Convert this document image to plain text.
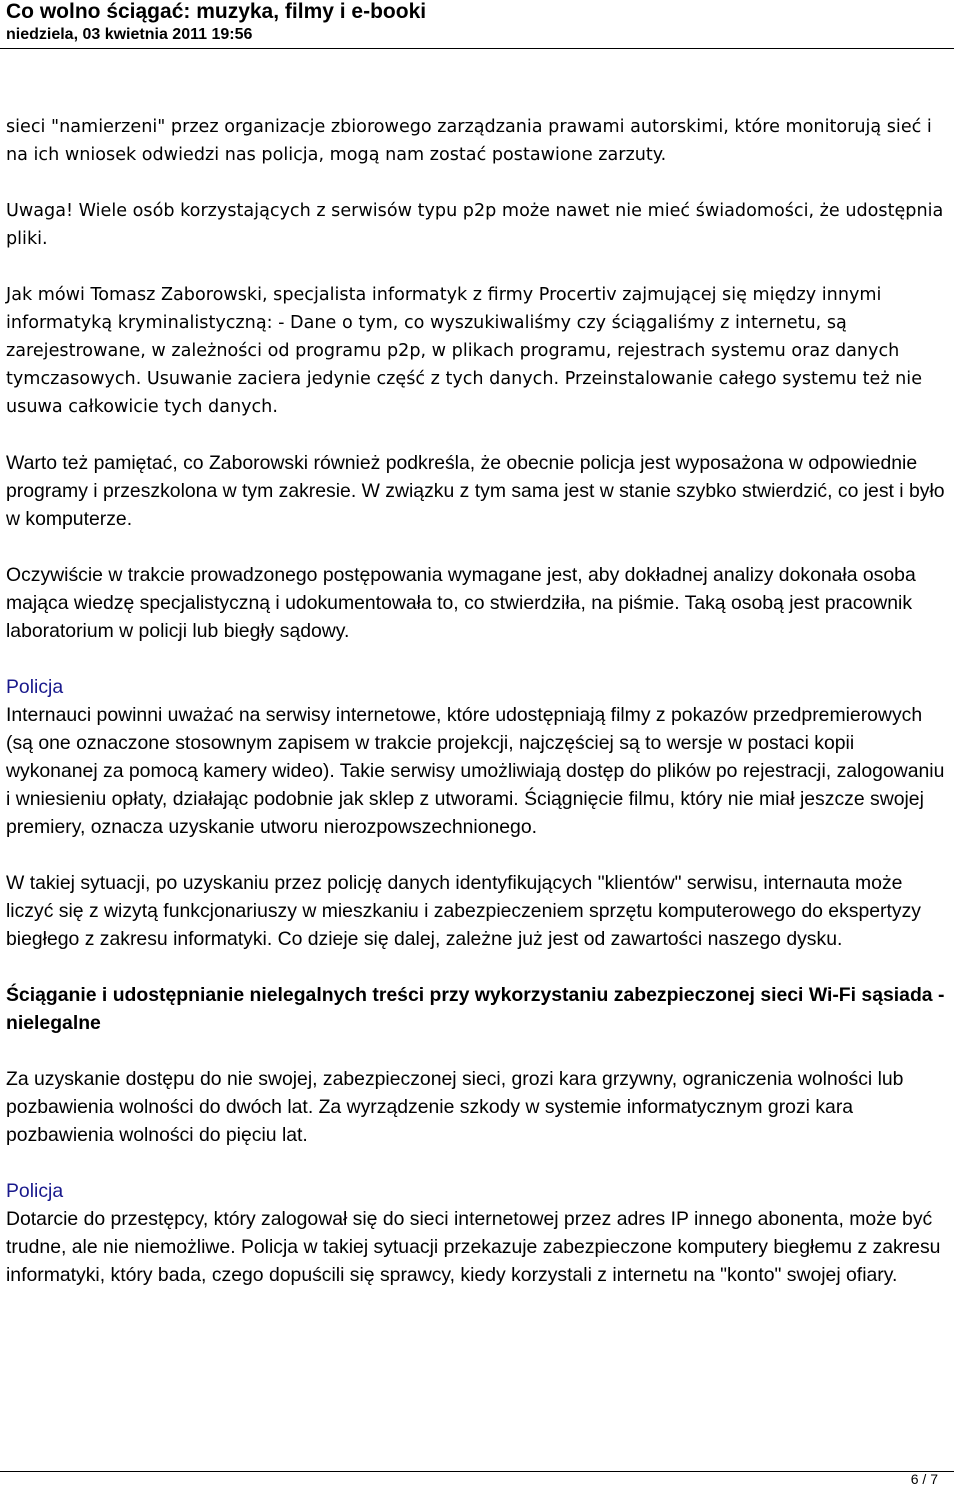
Co wolno ściągać: muzyka, filmy i e-booki
niedziela, 03 kwietnia 2011 19:56

sieci "namierzeni" przez organizacje zbiorowego zarządzania prawami autorskimi, które monitorują sieć i na ich wniosek odwiedzi nas policja, mogą nam zostać postawione zarzuty.

Uwaga! Wiele osób korzystających z serwisów typu p2p może nawet nie mieć świadomości, że udostępnia pliki.

Jak mówi Tomasz Zaborowski, specjalista informatyk z firmy Procertiv zajmującej się między innymi informatyką kryminalistyczną: - Dane o tym, co wyszukiwaliśmy czy ściągaliśmy z internetu, są zarejestrowane, w zależności od programu p2p, w plikach programu, rejestrach systemu oraz danych tymczasowych. Usuwanie zaciera jedynie część z tych danych. Przeinstalowanie całego systemu też nie usuwa całkowicie tych danych.

Warto też pamiętać, co Zaborowski również podkreśla, że obecnie policja jest wyposażona w odpowiednie programy i przeszkolona w tym zakresie. W związku z tym sama jest w stanie szybko stwierdzić, co jest i było w komputerze.

Oczywiście w trakcie prowadzonego postępowania wymagane jest, aby dokładnej analizy dokonała osoba mająca wiedzę specjalistyczną i udokumentowała to, co stwierdziła, na piśmie. Taką osobą jest pracownik laboratorium w policji lub biegły sądowy.

Policja
Internauci powinni uważać na serwisy internetowe, które udostępniają filmy z pokazów przedpremierowych (są one oznaczone stosownym zapisem w trakcie projekcji, najczęściej są to wersje w postaci kopii wykonanej za pomocą kamery wideo). Takie serwisy umożliwiają dostęp do plików po rejestracji, zalogowaniu i wniesieniu opłaty, działając podobnie jak sklep z utworami. Ściągnięcie filmu, który nie miał jeszcze swojej premiery, oznacza uzyskanie utworu nierozpowszechnionego.

W takiej sytuacji, po uzyskaniu przez policję danych identyfikujących "klientów" serwisu, internauta może liczyć się z wizytą funkcjonariuszy w mieszkaniu i zabezpieczeniem sprzętu komputerowego do ekspertyzy biegłego z zakresu informatyki. Co dzieje się dalej, zależne już jest od zawartości naszego dysku.

Ściąganie i udostępnianie nielegalnych treści przy wykorzystaniu zabezpieczonej sieci Wi-Fi sąsiada - nielegalne

Za uzyskanie dostępu do nie swojej, zabezpieczonej sieci, grozi kara grzywny, ograniczenia wolności lub pozbawienia wolności do dwóch lat. Za wyrządzenie szkody w systemie informatycznym grozi kara pozbawienia wolności do pięciu lat.

Policja
Dotarcie do przestępcy, który zalogował się do sieci internetowej przez adres IP innego abonenta, może być trudne, ale nie niemożliwe. Policja w takiej sytuacji przekazuje zabezpieczone komputery biegłemu z zakresu informatyki, który bada, czego dopuścili się sprawcy, kiedy korzystali z internetu na "konto" swojej ofiary.

6 / 7
